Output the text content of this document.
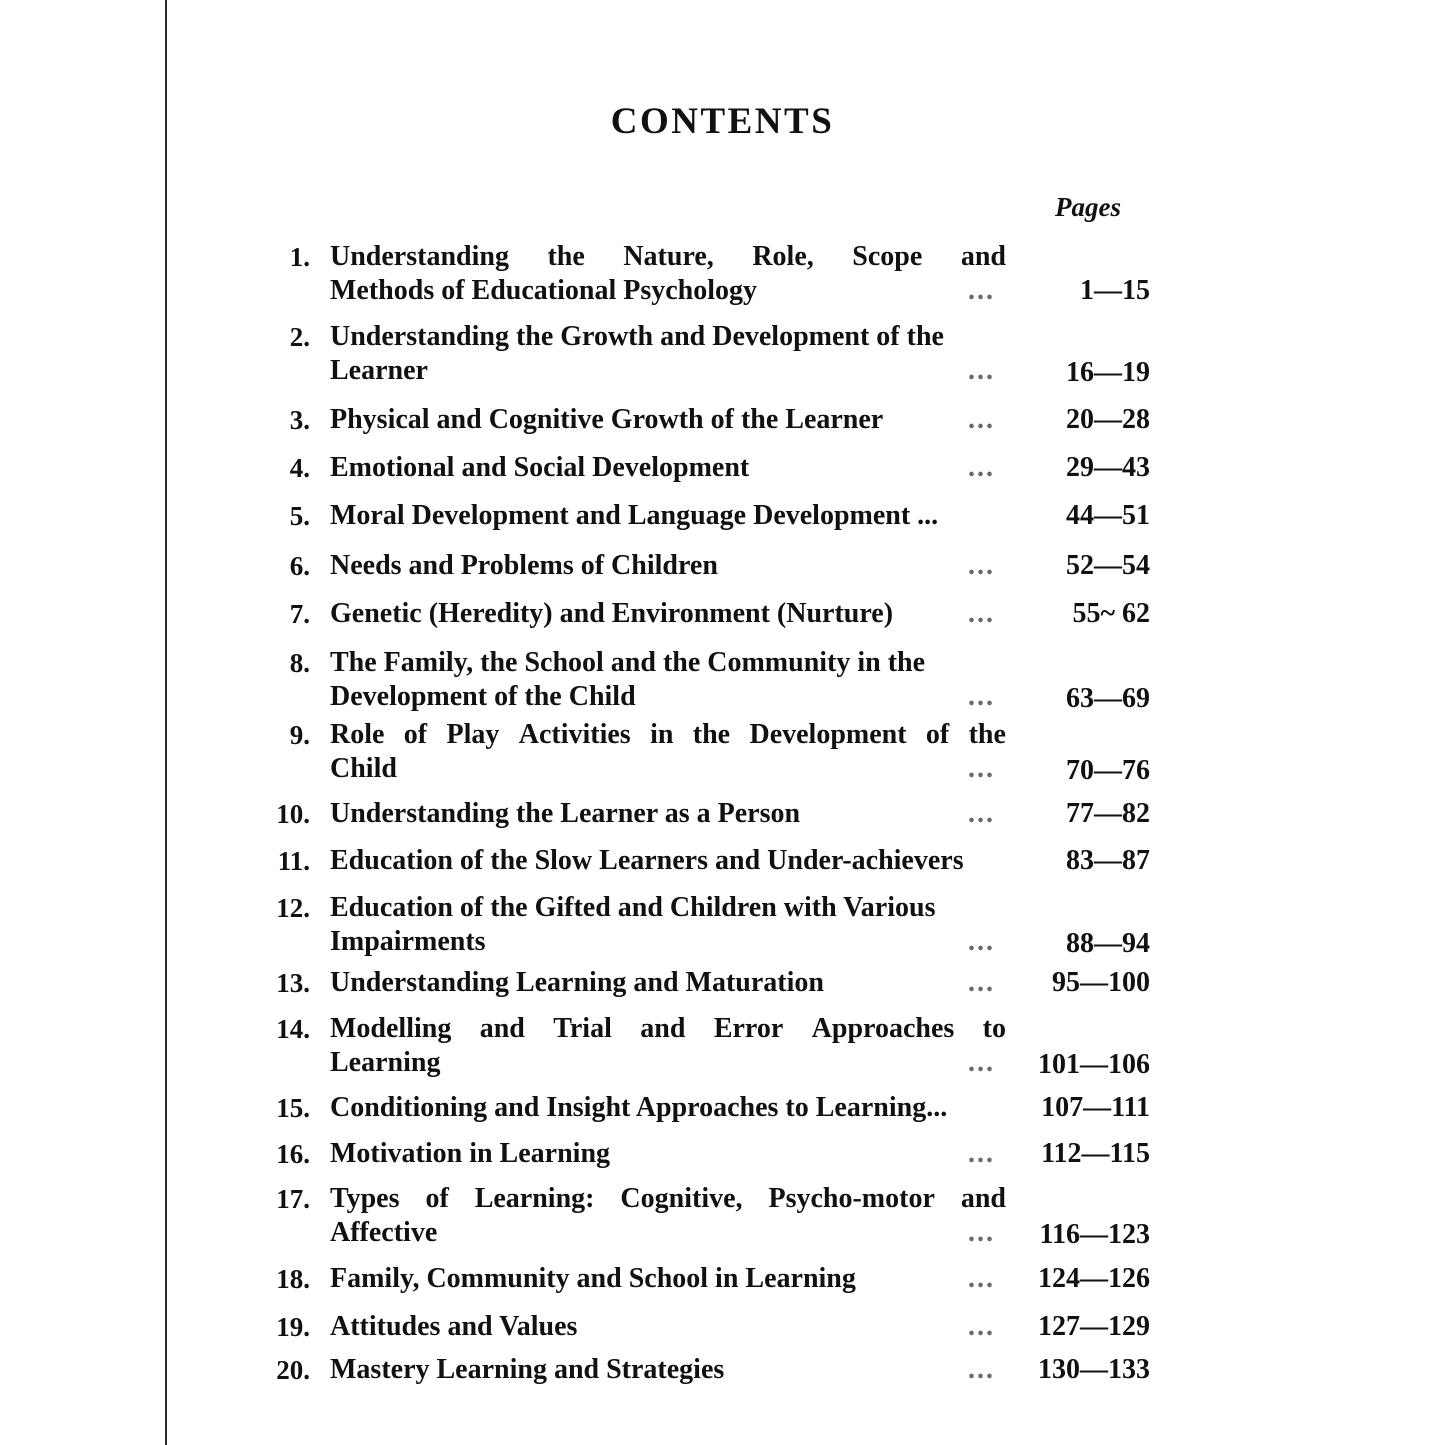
CONTENTS
Pages
1. Understanding the Nature, Role, Scope and
Methods of Educational Psychology	...	1—15
2. Understanding the Growth and Development of the
Learner	...	16—19
3. Physical and Cognitive Growth of the Learner	...	20—28
4. Emotional and Social Development	...	29—43
5. Moral Development and Language Development ...	44—51
6. Needs and Problems of Children	...	52—54
7. Genetic (Heredity) and Environment (Nurture)	...	55~ 62
8. The Family, the School and the Community in the
Development of the Child	...	63—69
9. Role of Play Activities in the Development of the
Child	...	70—76
10. Understanding the Learner as a Person	...	77—82
11. Education of the Slow Learners and Under-achievers	83—87
12. Education of the Gifted and Children with Various
Impairments	...	88—94
13. Understanding Learning and Maturation	...	95—100
14. Modelling and Trial and Error Approaches to
Learning	...	101—106
15. Conditioning and Insight Approaches to Learning...	107—111
16. Motivation in Learning	...	112—115
17. Types of Learning: Cognitive, Psycho-motor and
Affective	...	116—123
18. Family, Community and School in Learning	...	124—126
19. Attitudes and Values	...	127—129
20. Mastery Learning and Strategies	...	130—133
